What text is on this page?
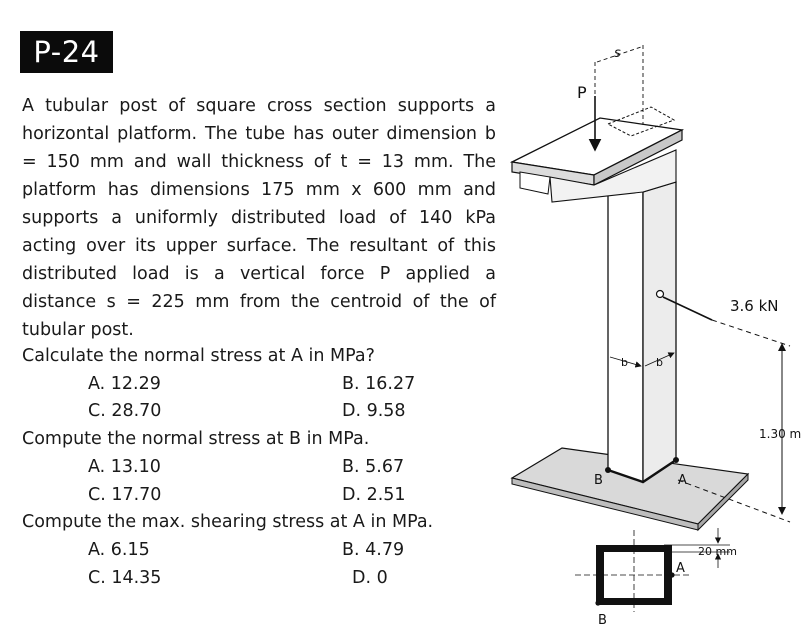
P-24
A tubular post of square cross section supports a horizontal platform. The tube has outer dimension b = 150 mm and wall thickness of t = 13 mm. The platform has dimensions 175 mm x 600 mm and supports a uniformly distributed load of 140 kPa acting over its upper surface. The resultant of this distributed load is a vertical force P applied a distance s = 225 mm from the centroid of the of tubular post.
Calculate the normal stress at A in MPa?
A. 12.29	B. 16.27
C. 28.70	D. 9.58
Compute the normal stress at B in MPa.
A. 13.10	B. 5.67
C. 17.70	D. 2.51
Compute the max. shearing stress at A in MPa.
A. 6.15	B. 4.79
C. 14.35	D. 0
P
s
3.6 kN
1.30 m
b	b
B	A
A
B
20 mm
